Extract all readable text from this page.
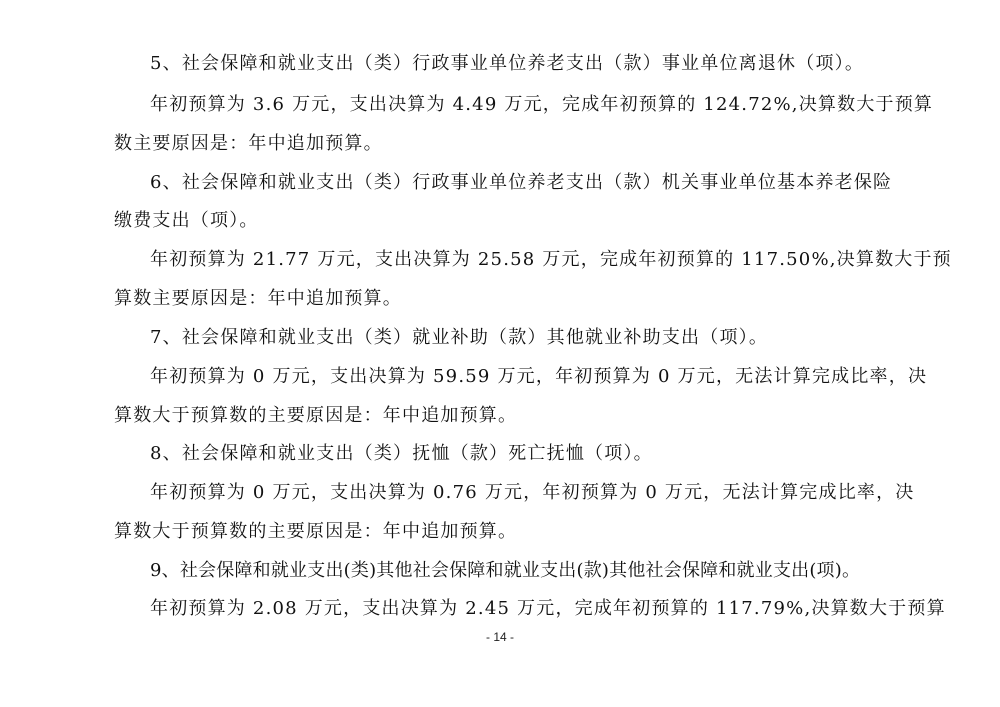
5、社会保障和就业支出（类）行政事业单位养老支出（款）事业单位离退休（项）。
年初预算为 3.6 万元，支出决算为 4.49 万元，完成年初预算的 124.72%,决算数大于预算
数主要原因是：年中追加预算。
6、社会保障和就业支出（类）行政事业单位养老支出（款）机关事业单位基本养老保险
缴费支出（项）。
年初预算为 21.77 万元，支出决算为 25.58 万元，完成年初预算的 117.50%,决算数大于预
算数主要原因是：年中追加预算。
7、社会保障和就业支出（类）就业补助（款）其他就业补助支出（项）。
年初预算为 0 万元，支出决算为 59.59 万元，年初预算为 0 万元，无法计算完成比率，决
算数大于预算数的主要原因是：年中追加预算。
8、社会保障和就业支出（类）抚恤（款）死亡抚恤（项）。
年初预算为 0 万元，支出决算为 0.76 万元，年初预算为 0 万元，无法计算完成比率，决
算数大于预算数的主要原因是：年中追加预算。
9、社会保障和就业支出(类)其他社会保障和就业支出(款)其他社会保障和就业支出(项)。
年初预算为 2.08 万元，支出决算为 2.45 万元，完成年初预算的 117.79%,决算数大于预算
- 14 -
